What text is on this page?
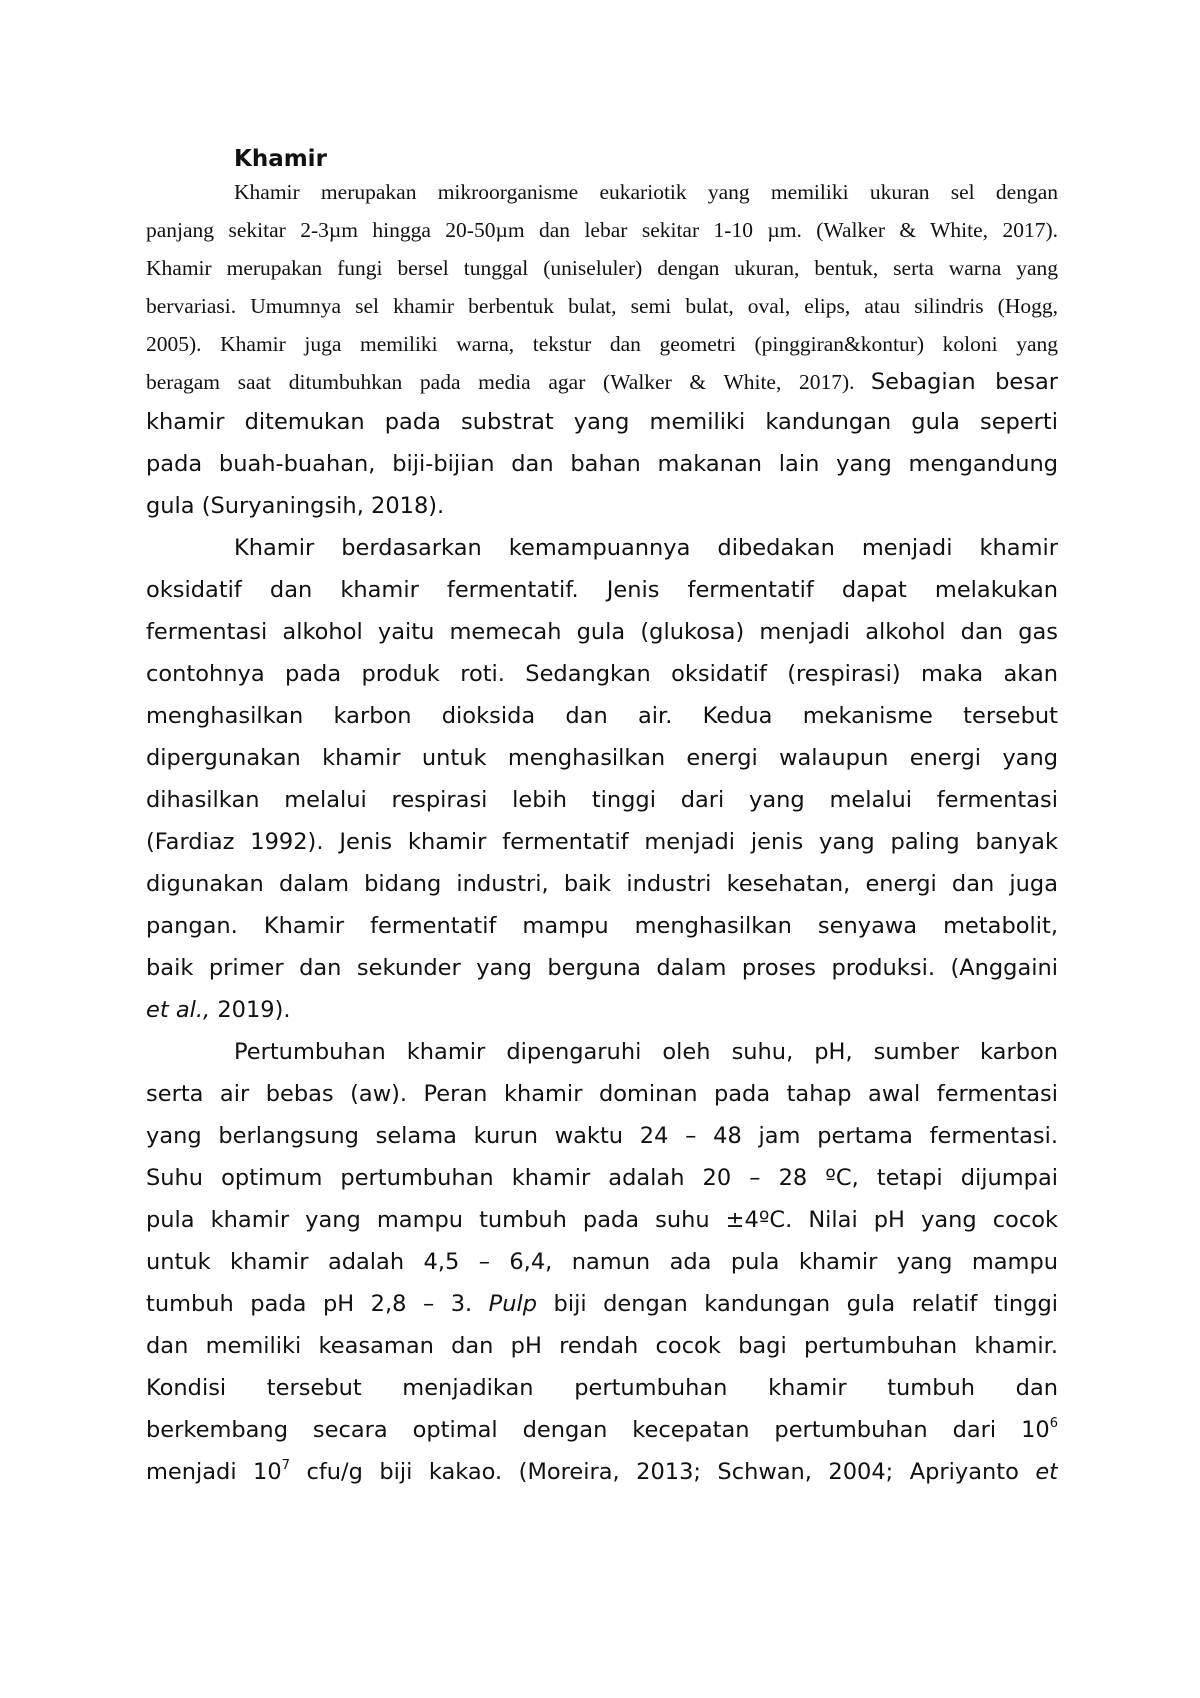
Khamir
Khamir merupakan mikroorganisme eukariotik yang memiliki ukuran sel dengan
panjang sekitar 2-3µm hingga 20-50µm dan lebar sekitar 1-10 µm. (Walker & White, 2017).
Khamir merupakan fungi bersel tunggal (uniseluler) dengan ukuran, bentuk, serta warna yang
bervariasi. Umumnya sel khamir berbentuk bulat, semi bulat, oval, elips, atau silindris (Hogg,
2005). Khamir juga memiliki warna, tekstur dan geometri (pinggiran&kontur) koloni yang
beragam saat ditumbuhkan pada media agar (Walker & White, 2017). Sebagian besar
khamir ditemukan pada substrat yang memiliki kandungan gula seperti
pada buah-buahan, biji-bijian dan bahan makanan lain yang mengandung
gula (Suryaningsih, 2018).
Khamir berdasarkan kemampuannya dibedakan menjadi khamir
oksidatif dan khamir fermentatif. Jenis fermentatif dapat melakukan
fermentasi alkohol yaitu memecah gula (glukosa) menjadi alkohol dan gas
contohnya pada produk roti. Sedangkan oksidatif (respirasi) maka akan
menghasilkan karbon dioksida dan air. Kedua mekanisme tersebut
dipergunakan khamir untuk menghasilkan energi walaupun energi yang
dihasilkan melalui respirasi lebih tinggi dari yang melalui fermentasi
(Fardiaz 1992). Jenis khamir fermentatif menjadi jenis yang paling banyak
digunakan dalam bidang industri, baik industri kesehatan, energi dan juga
pangan. Khamir fermentatif mampu menghasilkan senyawa metabolit,
baik primer dan sekunder yang berguna dalam proses produksi. (Anggaini
et al., 2019).
Pertumbuhan khamir dipengaruhi oleh suhu, pH, sumber karbon
serta air bebas (aw). Peran khamir dominan pada tahap awal fermentasi
yang berlangsung selama kurun waktu 24 – 48 jam pertama fermentasi.
Suhu optimum pertumbuhan khamir adalah 20 – 28 ºC, tetapi dijumpai
pula khamir yang mampu tumbuh pada suhu ±4ºC. Nilai pH yang cocok
untuk khamir adalah 4,5 – 6,4, namun ada pula khamir yang mampu
tumbuh pada pH 2,8 – 3. Pulp biji dengan kandungan gula relatif tinggi
dan memiliki keasaman dan pH rendah cocok bagi pertumbuhan khamir.
Kondisi tersebut menjadikan pertumbuhan khamir tumbuh dan
berkembang secara optimal dengan kecepatan pertumbuhan dari $10^6$
menjadi $10^7$ cfu/g biji kakao. (Moreira, 2013; Schwan, 2004; Apriyanto et
